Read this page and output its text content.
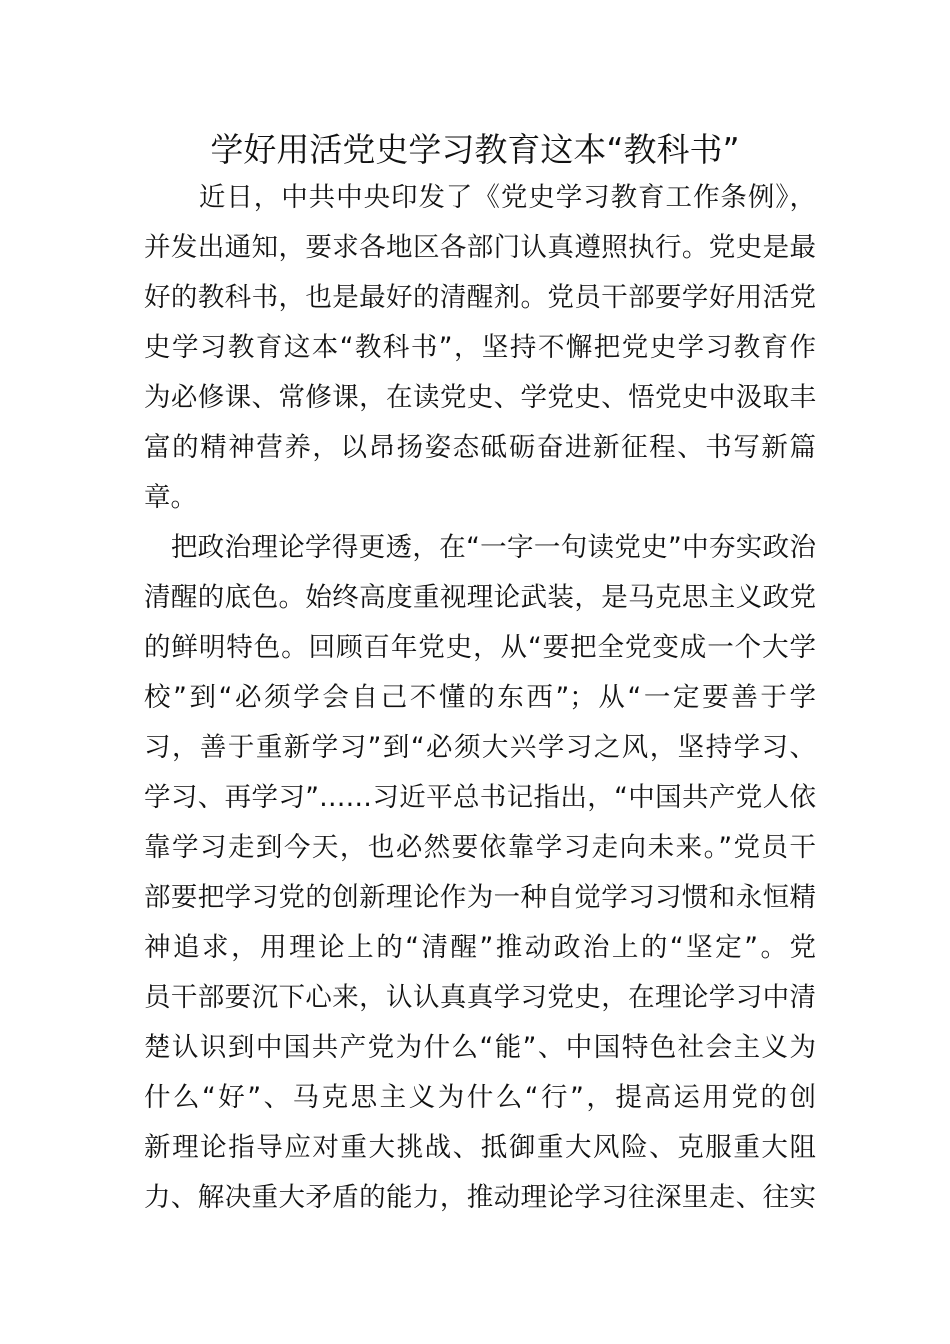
学好用活党史学习教育这本“教科书”
　　近日，中共中央印发了《党史学习教育工作条例》，
并发出通知，要求各地区各部门认真遵照执行。党史是最
好的教科书，也是最好的清醒剂。党员干部要学好用活党
史学习教育这本“教科书”，坚持不懈把党史学习教育作
为必修课、常修课，在读党史、学党史、悟党史中汲取丰
富的精神营养，以昂扬姿态砥砺奋进新征程、书写新篇
章。
　把政治理论学得更透，在“一字一句读党史”中夯实政治
清醒的底色。始终高度重视理论武装，是马克思主义政党
的鲜明特色。回顾百年党史，从“要把全党变成一个大学
校”到“必须学会自己不懂的东西”；从“一定要善于学
习，善于重新学习”到“必须大兴学习之风，坚持学习、
学习、再学习”……习近平总书记指出，“中国共产党人依
靠学习走到今天，也必然要依靠学习走向未来。”党员干
部要把学习党的创新理论作为一种自觉学习习惯和永恒精
神追求，用理论上的“清醒”推动政治上的“坚定”。党
员干部要沉下心来，认认真真学习党史，在理论学习中清
楚认识到中国共产党为什么“能”、中国特色社会主义为
什么“好”、马克思主义为什么“行”，提高运用党的创
新理论指导应对重大挑战、抵御重大风险、克服重大阻
力、解决重大矛盾的能力，推动理论学习往深里走、往实
